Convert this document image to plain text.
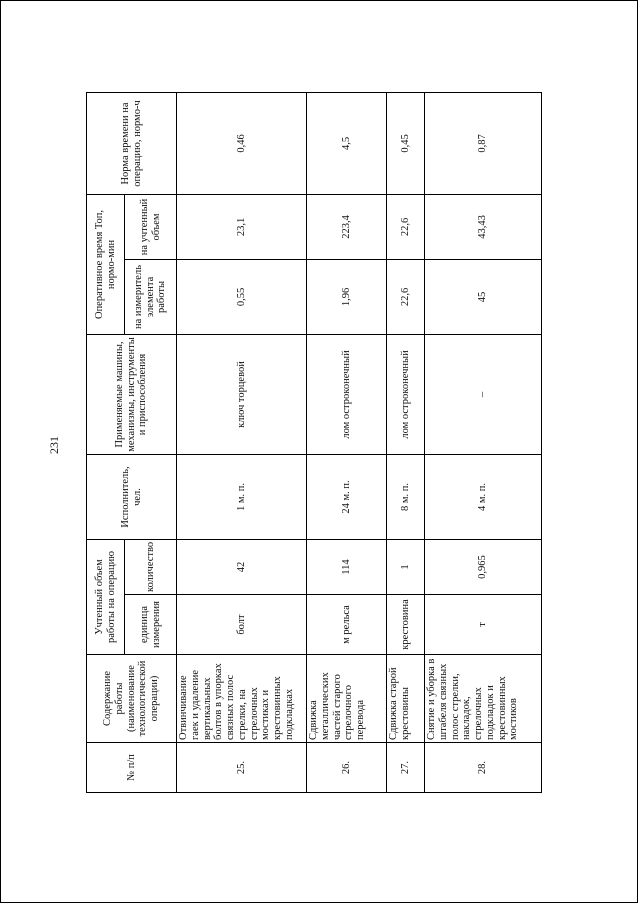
231
№ п/п	Содержание работы (наименование технологической операции)	Учтенный объем работы на операцию		Исполнитель, чел.	Применяемые машины, механизмы, инструменты и приспособления	Оперативное время Топ, нормо-мин		Норма времени на операцию, нормо-ч
		единица измерения	количество			на измеритель элемента работы	на учтенный объем	
25.	Отвинчивание гаек и удаление вертикальных болтов в упорках связных полос стрелки, на стрелочных мостиках и крестовинных подкладках	болт	42	1 м. п.	ключ торцевой	0,55	23,1	0,46
26.	Сдвижка металлических частей старого стрелочного перевода	м рельса	114	24 м. п.	лом остроконечный	1,96	223,4	4,5
27.	Сдвижка старой крестовины	крестовина	1	8 м. п.	лом остроконечный	22,6	22,6	0,45
28.	Снятие и уборка в штабеля связных полос стрелки, накладок, стрелочных подкладок и крестовинных мостиков	т	0,965	4 м. п.	–	45	43,43	0,87
